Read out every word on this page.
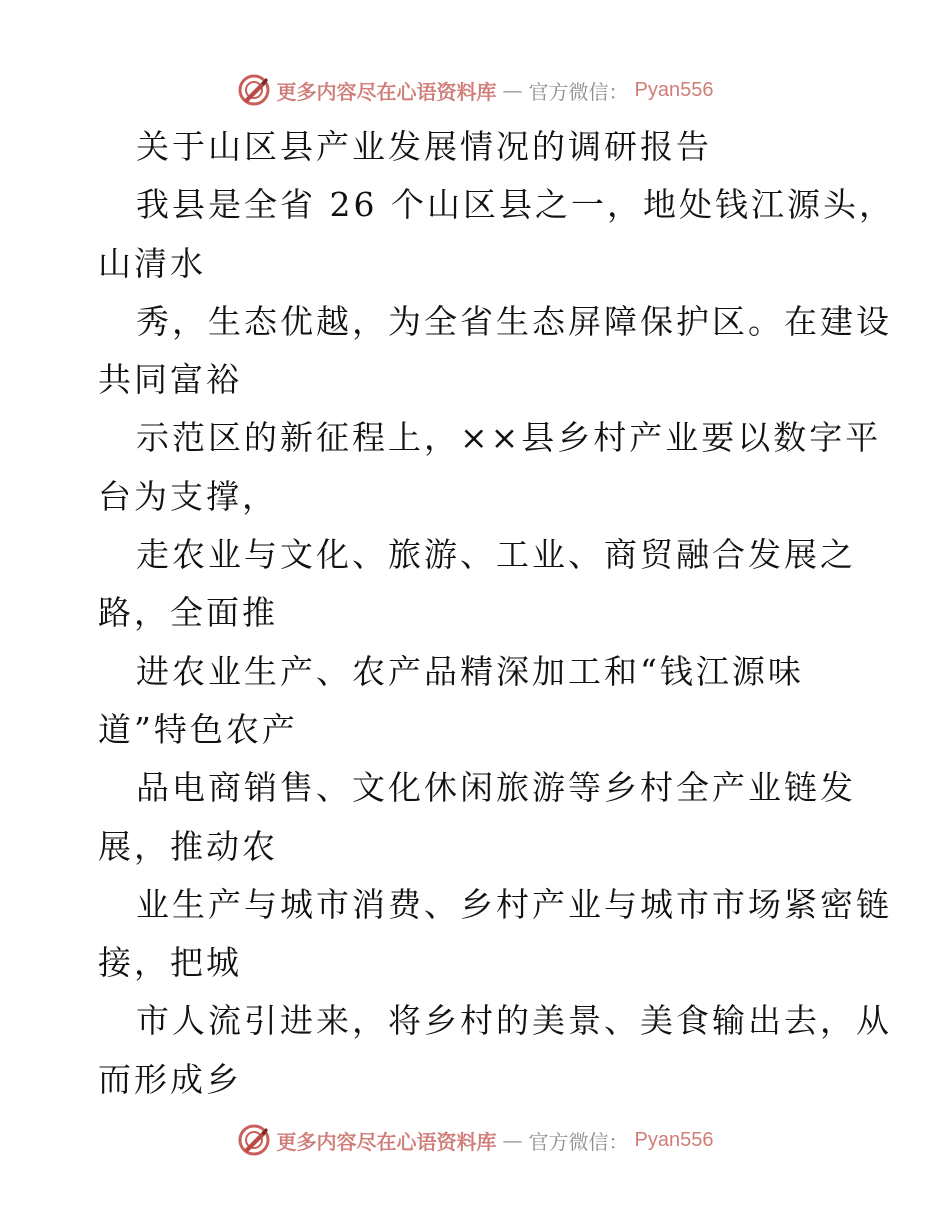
更多内容尽在心语资料库 — 官方微信： Pyan556
关于山区县产业发展情况的调研报告
我县是全省 26 个山区县之一，地处钱江源头，
山清水
秀，生态优越，为全省生态屏障保护区。在建设
共同富裕
示范区的新征程上，××县乡村产业要以数字平
台为支撑，
走农业与文化、旅游、工业、商贸融合发展之
路，全面推
进农业生产、农产品精深加工和“钱江源味
道”特色农产
品电商销售、文化休闲旅游等乡村全产业链发
展，推动农
业生产与城市消费、乡村产业与城市市场紧密链
接，把城
市人流引进来，将乡村的美景、美食输出去，从
而形成乡
更多内容尽在心语资料库 — 官方微信： Pyan556
